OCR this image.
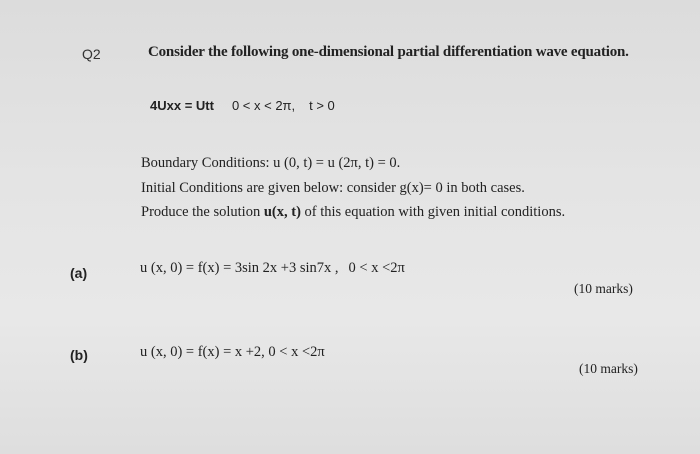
Q2	Consider the following one-dimensional partial differentiation wave equation.
4Uxx = Utt 0 < x < 2π, t > 0
Boundary Conditions: u (0, t) = u (2π, t) = 0.
Initial Conditions are given below: consider g(x)= 0 in both cases.
Produce the solution u(x, t) of this equation with given initial conditions.
(a)	u (x, 0) = f(x) = 3sin 2x +3 sin7x , 0 < x <2π
(10 marks)
(b)	u (x, 0) = f(x) = x +2, 0 < x <2π
(10 marks)
